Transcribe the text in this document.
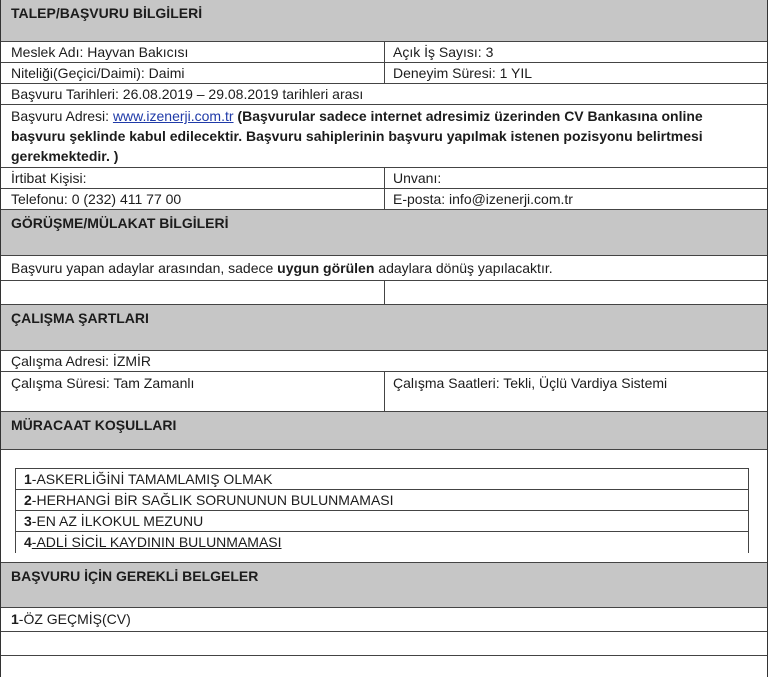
TALEP/BAŞVURU BİLGİLERİ
Meslek Adı: Hayvan Bakıcısı	Açık İş Sayısı: 3
Niteliği(Geçici/Daimi): Daimi	Deneyim Süresi: 1 YIL
Başvuru Tarihleri: 26.08.2019 – 29.08.2019 tarihleri arası
Başvuru Adresi: www.izenerji.com.tr (Başvurular sadece internet adresimiz üzerinden CV Bankasına online başvuru şeklinde kabul edilecektir. Başvuru sahiplerinin başvuru yapılmak istenen pozisyonu belirtmesi gerekmektedir. )
İrtibat Kişisi:	Unvanı:
Telefonu: 0 (232) 411 77 00	E-posta: info@izenerji.com.tr
GÖRÜŞME/MÜLAKAT BİLGİLERİ
Başvuru yapan adaylar arasından, sadece uygun görülen adaylara dönüş yapılacaktır.
ÇALIŞMA ŞARTLARI
Çalışma Adresi: İZMİR
Çalışma Süresi: Tam Zamanlı	Çalışma Saatleri: Tekli, Üçlü Vardiya Sistemi
MÜRACAAT KOŞULLARI
1-ASKERLİĞİNİ TAMAMLAMIŞ OLMAK
2-HERHANGİ BİR SAĞLIK SORUNUNUN BULUNMAMASI
3-EN AZ İLKOKUL MEZUNU
4-ADLİ SİCİL KAYDININ BULUNMAMASI
BAŞVURU İÇİN GEREKLİ BELGELER
1-ÖZ GEÇMİŞ(CV)
